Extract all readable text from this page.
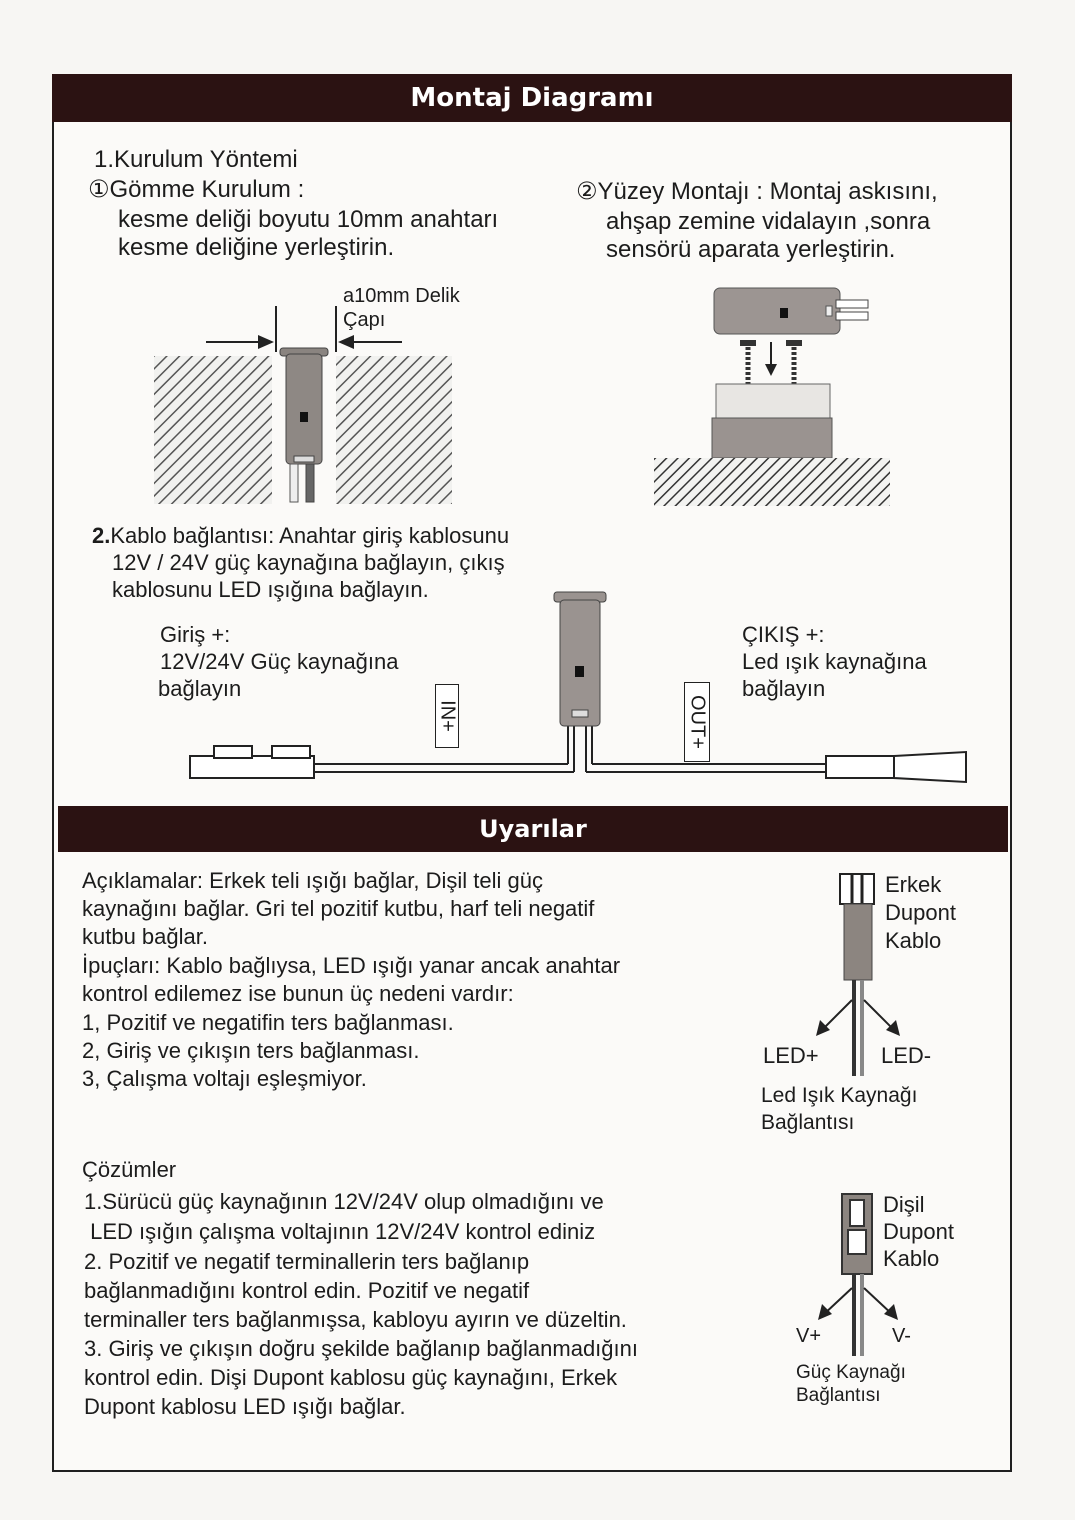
Montaj Diagramı
1.Kurulum Yöntemi
①Gömme Kurulum :
kesme deliği boyutu 10mm anahtarı
kesme deliğine yerleştirin.
②Yüzey Montajı : Montaj askısını,
ahşap zemine vidalayın ,sonra
sensörü aparata yerleştirin.
a10mm Delik
Çapı
2.Kablo bağlantısı: Anahtar giriş kablosunu
12V / 24V güç kaynağına bağlayın, çıkış
kablosunu LED ışığına bağlayın.
Giriş +:
12V/24V Güç kaynağına
bağlayın
ÇIKIŞ +:
Led ışık kaynağına
bağlayın

IN+

	OUT+

Uyarılar
Açıklamalar: Erkek teli ışığı bağlar, Dişil teli güç
kaynağını bağlar. Gri tel pozitif kutbu, harf teli negatif
kutbu bağlar.
İpuçları: Kablo bağlıysa, LED ışığı yanar ancak anahtar
kontrol edilemez ise bunun üç nedeni vardır:
1, Pozitif ve negatifin ters bağlanması.
2, Giriş ve çıkışın ters bağlanması.
3, Çalışma voltajı eşleşmiyor.
Erkek
Dupont
Kablo
LED+	LED-
Led Işık Kaynağı
Bağlantısı
Çözümler
1.Sürücü güç kaynağının 12V/24V olup olmadığını ve
LED ışığın çalışma voltajının 12V/24V kontrol ediniz
2. Pozitif ve negatif terminallerin ters bağlanıp
bağlanmadığını kontrol edin. Pozitif ve negatif
terminaller ters bağlanmışsa, kabloyu ayırın ve düzeltin.
3. Giriş ve çıkışın doğru şekilde bağlanıp bağlanmadığını
kontrol edin. Dişi Dupont kablosu güç kaynağını, Erkek
Dupont kablosu LED ışığı bağlar.
Dişil
Dupont
Kablo
V+	V-
Güç Kaynağı
Bağlantısı
